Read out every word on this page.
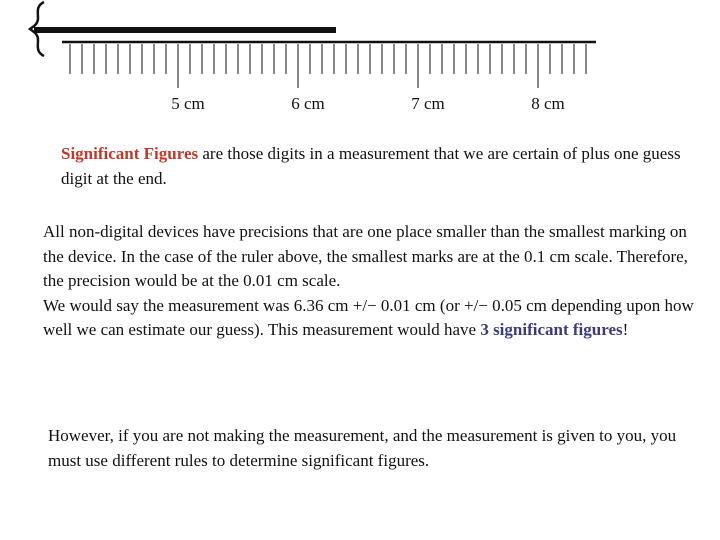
5 cm	6 cm	7 cm	8 cm

Significant Figures are those digits in a measurement that we are certain of plus one guess digit at the end.

All non-digital devices have precisions that are one place smaller than the smallest marking on the device. In the case of the ruler above, the smallest marks are at the 0.1 cm scale. Therefore, the precision would be at the 0.01 cm scale.
We would say the measurement was 6.36 cm +/− 0.01 cm (or +/− 0.05 cm depending upon how well we can estimate our guess). This measurement would have 3 significant figures!

However, if you are not making the measurement, and the measurement is given to you, you must use different rules to determine significant figures.
